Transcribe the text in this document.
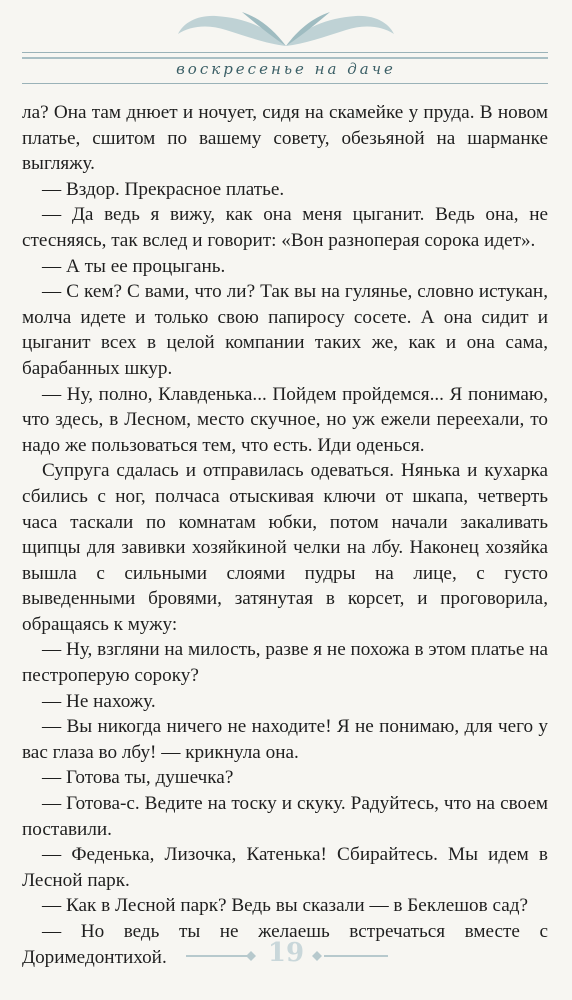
воскресенье на даче

ла? Она там днюет и ночует, сидя на скамейке у пруда. В новом платье, сшитом по вашему совету, обезьяной на шарманке выгляжу.

— Вздор. Прекрасное платье.

— Да ведь я вижу, как она меня цыганит. Ведь она, не стесняясь, так вслед и говорит: «Вон разноперая сорока идет».

— А ты ее процыгань.

— С кем? С вами, что ли? Так вы на гулянье, словно истукан, молча идете и только свою папиросу сосете. А она сидит и цыганит всех в целой компании таких же, как и она сама, барабанных шкур.

— Ну, полно, Клавденька... Пойдем пройдемся... Я понимаю, что здесь, в Лесном, место скучное, но уж ежели переехали, то надо же пользоваться тем, что есть. Иди оденься.

Супруга сдалась и отправилась одеваться. Нянька и кухарка сбились с ног, полчаса отыскивая ключи от шкапа, четверть часа таскали по комнатам юбки, потом начали закаливать щипцы для завивки хозяйкиной челки на лбу. Наконец хозяйка вышла с сильными слоями пудры на лице, с густо выведенными бровями, затянутая в корсет, и проговорила, обращаясь к мужу:

— Ну, взгляни на милость, разве я не похожа в этом платье на пестроперую сороку?

— Не нахожу.

— Вы никогда ничего не находите! Я не понимаю, для чего у вас глаза во лбу! — крикнула она.

— Готова ты, душечка?

— Готова-с. Ведите на тоску и скуку. Радуйтесь, что на своем поставили.

— Феденька, Лизочка, Катенька! Сбирайтесь. Мы идем в Лесной парк.

— Как в Лесной парк? Ведь вы сказали — в Беклешов сад?

— Но ведь ты не желаешь встречаться вместе с Доримедонтихой.	19
